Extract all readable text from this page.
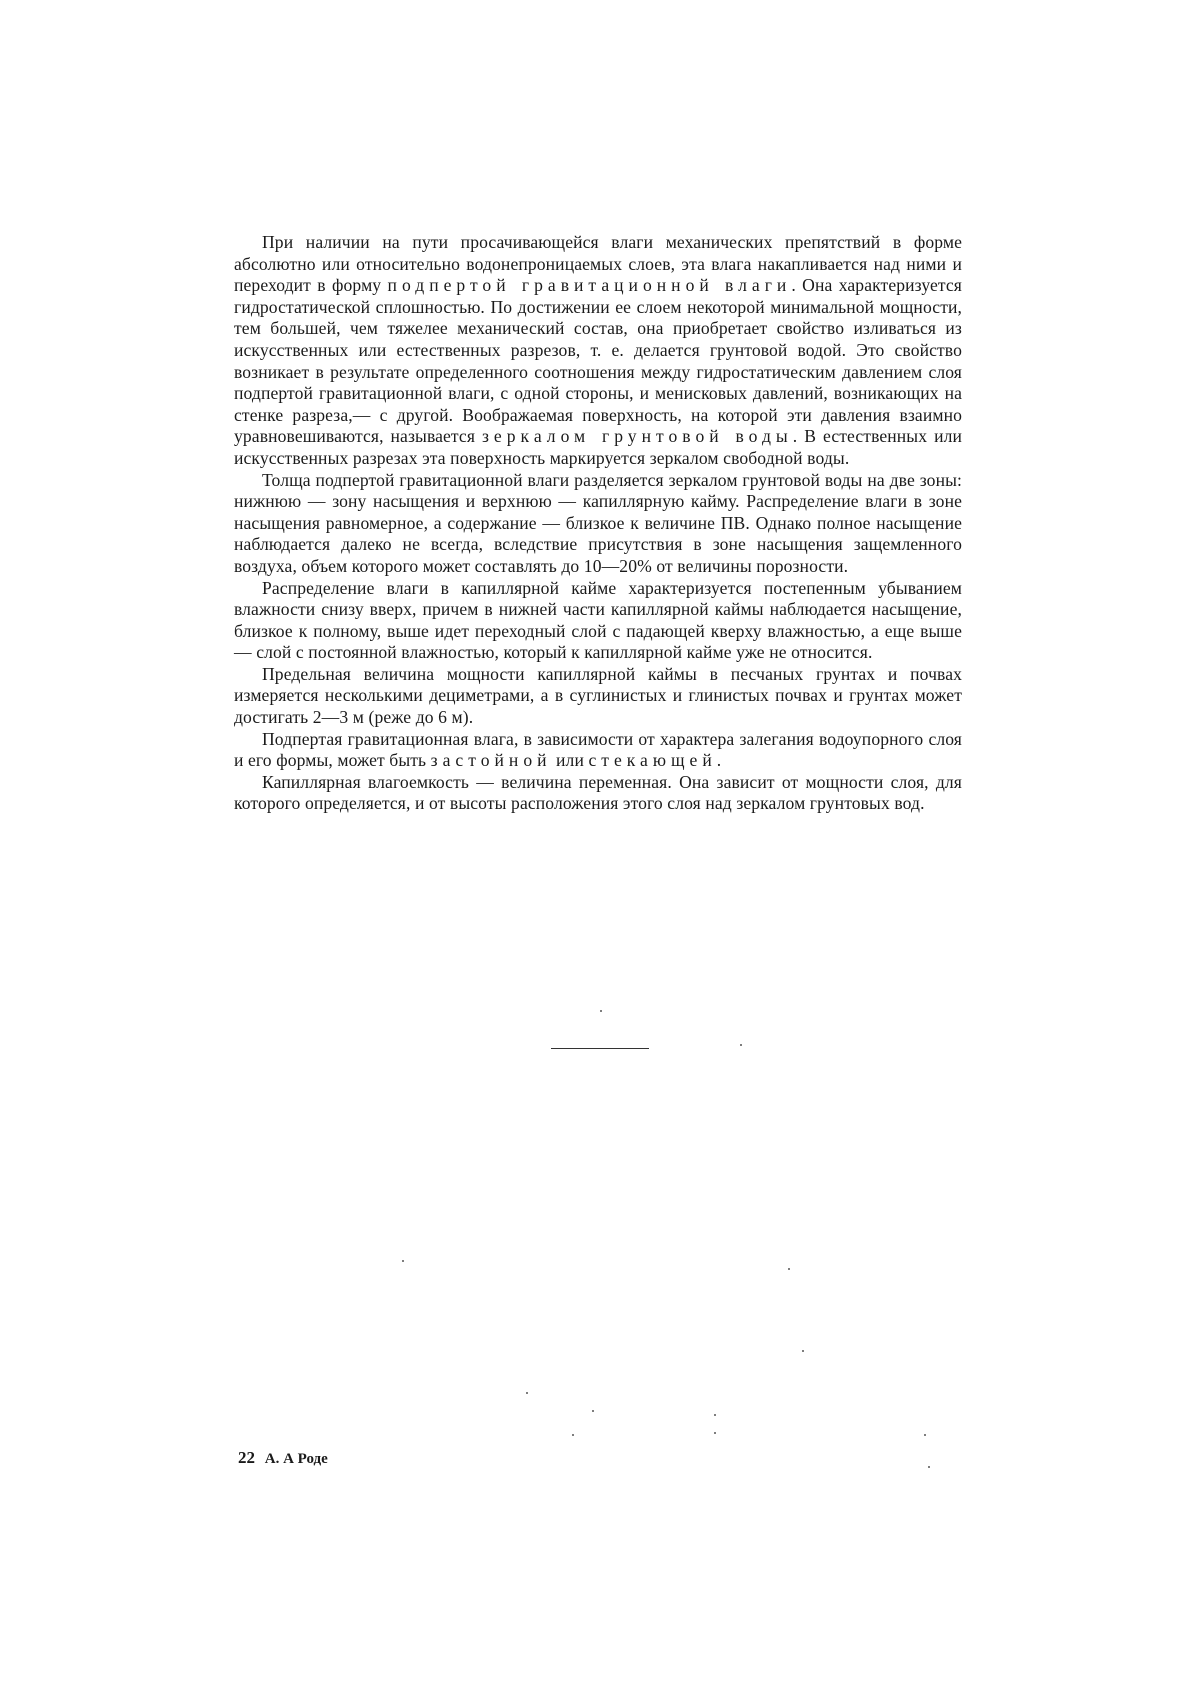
При наличии на пути просачивающейся влаги механических препятствий в форме абсолютно или относительно водонепроницаемых слоев, эта влага накапливается над ними и переходит в форму подпертой гравитационной влаги. Она характеризуется гидростатической сплошностью. По достижении ее слоем некоторой минимальной мощности, тем большей, чем тяжелее механический состав, она приобретает свойство изливаться из искусственных или естественных разрезов, т. е. делается грунтовой водой. Это свойство возникает в результате определенного соотношения между гидростатическим давлением слоя подпертой гравитационной влаги, с одной стороны, и менисковых давлений, возникающих на стенке разреза,— с другой. Воображаемая поверхность, на которой эти давления взаимно уравновешиваются, называется зеркалом грунтовой воды. В естественных или искусственных разрезах эта поверхность маркируется зеркалом свободной воды.

Толща подпертой гравитационной влаги разделяется зеркалом грунтовой воды на две зоны: нижнюю — зону насыщения и верхнюю — капиллярную кайму. Распределение влаги в зоне насыщения равномерное, а содержание — близкое к величине ПВ. Однако полное насыщение наблюдается далеко не всегда, вследствие присутствия в зоне насыщения защемленного воздуха, объем которого может составлять до 10—20% от величины порозности.

Распределение влаги в капиллярной кайме характеризуется постепенным убыванием влажности снизу вверх, причем в нижней части капиллярной каймы наблюдается насыщение, близкое к полному, выше идет переходный слой с падающей кверху влажностью, а еще выше — слой с постоянной влажностью, который к капиллярной кайме уже не относится.

Предельная величина мощности капиллярной каймы в песчаных грунтах и почвах измеряется несколькими дециметрами, а в суглинистых и глинистых почвах и грунтах может достигать 2—3 м (реже до 6 м).

Подпертая гравитационная влага, в зависимости от характера залегания водоупорного слоя и его формы, может быть застойной или стекающей.

Капиллярная влагоемкость — величина переменная. Она зависит от мощности слоя, для которого определяется, и от высоты расположения этого слоя над зеркалом грунтовых вод.

22 А. А Роде
